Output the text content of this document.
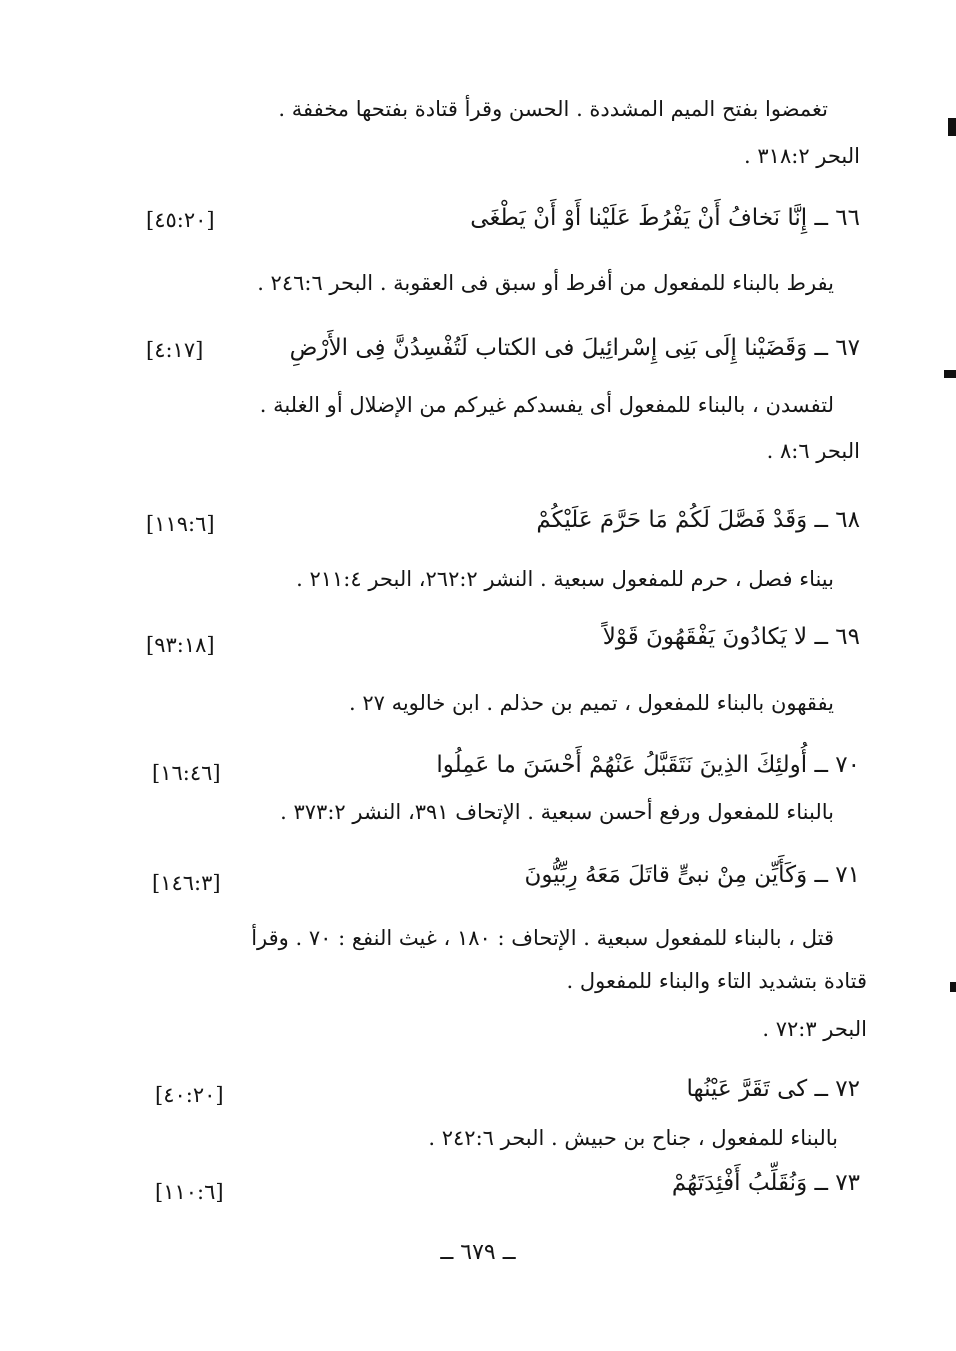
تغمضوا بفتح الميم المشددة . الحسن وقرأ قتادة بفتحها مخففة .
البحر ٣١٨:٢ .
٦٦ ــ إِنَّا نَخافُ أَنْ يَفْرُطَ عَلَيْنا أَوْ أَنْ يَطْغَى
[٤٥:٢٠]
يفرط بالبناء للمفعول من أفرط أو سبق فى العقوبة . البحر ٢٤٦:٦ .
٦٧ ــ وَقَضَيْنا إِلَى بَنِى إِسْرائِيلَ فى الكتاب لَتُفْسِدُنَّ فِى الأَرْضِ
[٤:١٧]
لتفسدن ، بالبناء للمفعول أى يفسدكم غيركم من الإضلال أو الغلبة .
البحر ٨:٦ .
٦٨ ــ وَقَدْ فَصَّلَ لَكُمْ مَا حَرَّمَ عَلَيْكُمْ
[١١٩:٦]
بيناء فصل ، حرم للمفعول سبعية . النشر ٢٦٢:٢، البحر ٢١١:٤ .
٦٩ ــ لا يَكادُونَ يَفْقَهُونَ قَوْلاً
[٩٣:١٨]
يفقهون بالبناء للمفعول ، تميم بن حذلم . ابن خالويه ٢٧ .
٧٠ ــ أُولئِكَ الذِينَ نَتَقَبَّلُ عَنْهُمْ أَحْسَنَ ما عَمِلُوا
[١٦:٤٦]
بالبناء للمفعول ورفع أحسن سبعية . الإتحاف ٣٩١، النشر ٣٧٣:٢ .
٧١ ــ وَكَأَيِّن مِنْ نبىٍّ قاتَلَ مَعَهُ رِبِّيُّونَ
[١٤٦:٣]
قتل ، بالبناء للمفعول سبعية . الإتحاف : ١٨٠ ، غيث النفع : ٧٠ . وقرأ
قتادة بتشديد التاء والبناء للمفعول .
البحر ٧٢:٣ .
٧٢ ــ كى تَقَرَّ عَيْنُها
[٤٠:٢٠]
بالبناء للمفعول ، جناح بن حبيش . البحر ٢٤٢:٦ .
٧٣ ــ وَنُقَلِّبُ أَفْئِدَتَهُمْ
[١١٠:٦]
ــ ٦٧٩ ــ
